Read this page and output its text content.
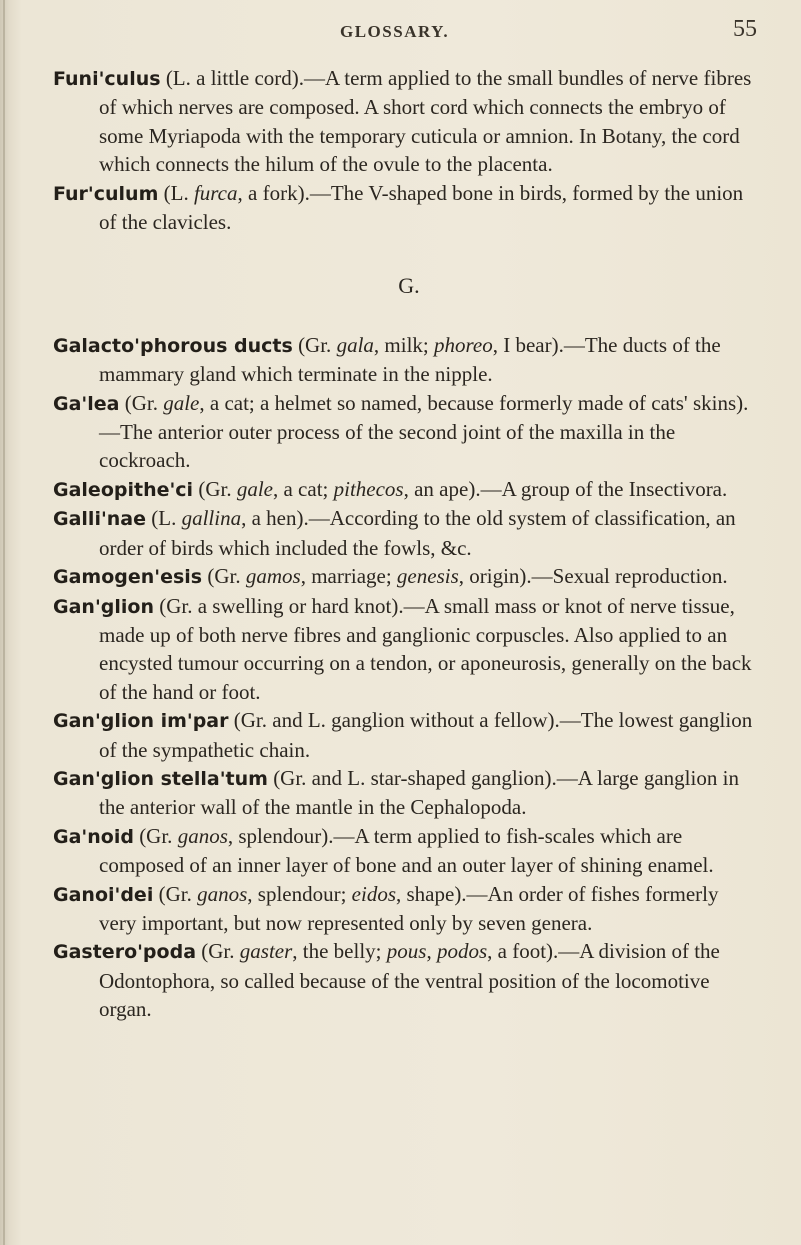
GLOSSARY.	55

Funi'culus (L. a little cord).—A term applied to the small bundles of nerve fibres of which nerves are composed. A short cord which connects the embryo of some Myriapoda with the temporary cuticula or amnion. In Botany, the cord which connects the hilum of the ovule to the placenta.

Fur'culum (L. furca, a fork).—The V-shaped bone in birds, formed by the union of the clavicles.

G.

Galacto'phorous ducts (Gr. gala, milk; phoreo, I bear).—The ducts of the mammary gland which terminate in the nipple.

Ga'lea (Gr. gale, a cat; a helmet so named, because formerly made of cats' skins).—The anterior outer process of the second joint of the maxilla in the cockroach.

Galeopithe'ci (Gr. gale, a cat; pithecos, an ape).—A group of the Insectivora.

Galli'nae (L. gallina, a hen).—According to the old system of classification, an order of birds which included the fowls, &c.

Gamogen'esis (Gr. gamos, marriage; genesis, origin).—Sexual reproduction.

Gan'glion (Gr. a swelling or hard knot).—A small mass or knot of nerve tissue, made up of both nerve fibres and ganglionic corpuscles. Also applied to an encysted tumour occurring on a tendon, or aponeurosis, generally on the back of the hand or foot.

Gan'glion im'par (Gr. and L. ganglion without a fellow).—The lowest ganglion of the sympathetic chain.

Gan'glion stella'tum (Gr. and L. star-shaped ganglion).—A large ganglion in the anterior wall of the mantle in the Cephalopoda.

Ga'noid (Gr. ganos, splendour).—A term applied to fish-scales which are composed of an inner layer of bone and an outer layer of shining enamel.

Ganoi'dei (Gr. ganos, splendour; eidos, shape).—An order of fishes formerly very important, but now represented only by seven genera.

Gastero'poda (Gr. gaster, the belly; pous, podos, a foot).—A division of the Odontophora, so called because of the ventral position of the locomotive organ.
